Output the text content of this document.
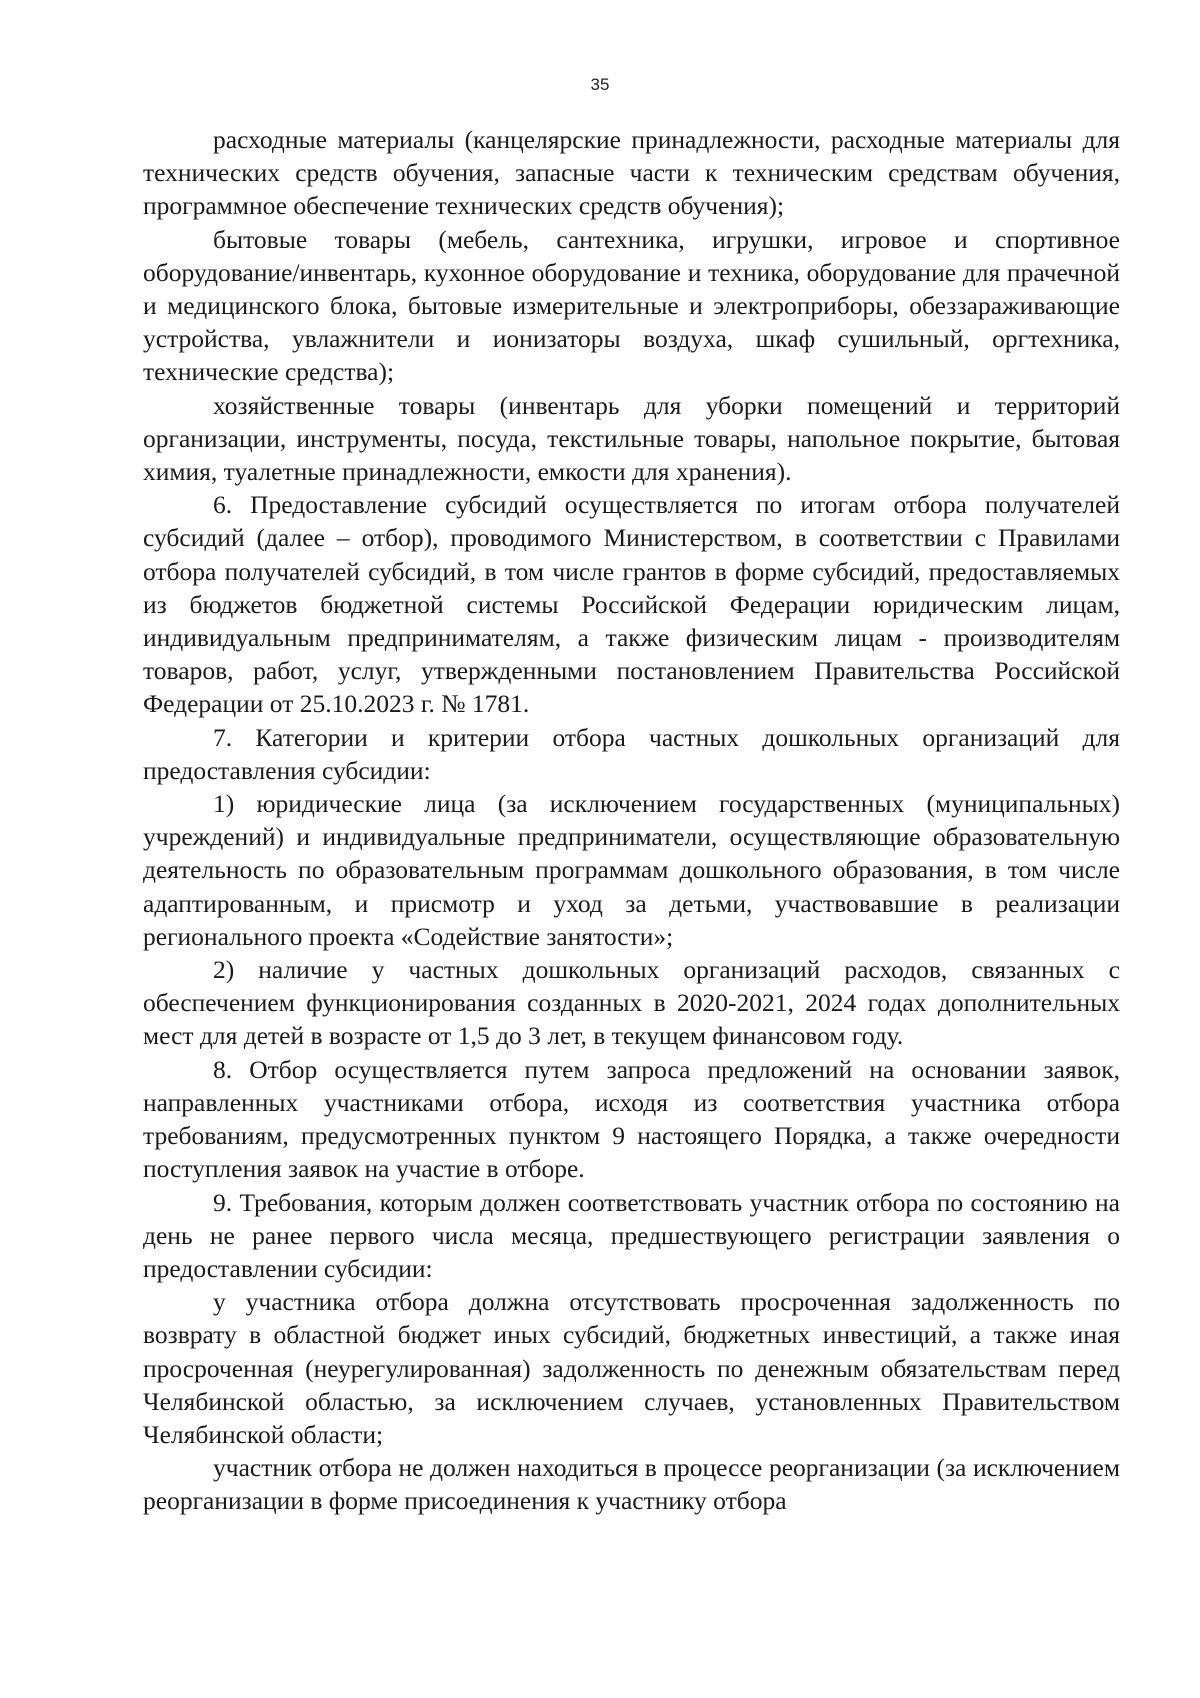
35

расходные материалы (канцелярские принадлежности, расходные материалы для технических средств обучения, запасные части к техническим средствам обучения, программное обеспечение технических средств обучения);

бытовые товары (мебель, сантехника, игрушки, игровое и спортивное оборудование/инвентарь, кухонное оборудование и техника, оборудование для прачечной и медицинского блока, бытовые измерительные и электроприборы, обеззараживающие устройства, увлажнители и ионизаторы воздуха, шкаф сушильный, оргтехника, технические средства);

хозяйственные товары (инвентарь для уборки помещений и территорий организации, инструменты, посуда, текстильные товары, напольное покрытие, бытовая химия, туалетные принадлежности, емкости для хранения).

6. Предоставление субсидий осуществляется по итогам отбора получателей субсидий (далее – отбор), проводимого Министерством, в соответствии с Правилами отбора получателей субсидий, в том числе грантов в форме субсидий, предоставляемых из бюджетов бюджетной системы Российской Федерации юридическим лицам, индивидуальным предпринимателям, а также физическим лицам - производителям товаров, работ, услуг, утвержденными постановлением Правительства Российской Федерации от 25.10.2023 г. № 1781.

7. Категории и критерии отбора частных дошкольных организаций для предоставления субсидии:

1) юридические лица (за исключением государственных (муниципальных) учреждений) и индивидуальные предприниматели, осуществляющие образовательную деятельность по образовательным программам дошкольного образования, в том числе адаптированным, и присмотр и уход за детьми, участвовавшие в реализации регионального проекта «Содействие занятости»;

2) наличие у частных дошкольных организаций расходов, связанных с обеспечением функционирования созданных в 2020-2021, 2024 годах дополнительных мест для детей в возрасте от 1,5 до 3 лет, в текущем финансовом году.

8. Отбор осуществляется путем запроса предложений на основании заявок, направленных участниками отбора, исходя из соответствия участника отбора требованиям, предусмотренных пунктом 9 настоящего Порядка, а также очередности поступления заявок на участие в отборе.

9. Требования, которым должен соответствовать участник отбора по состоянию на день не ранее первого числа месяца, предшествующего регистрации заявления о предоставлении субсидии:

у участника отбора должна отсутствовать просроченная задолженность по возврату в областной бюджет иных субсидий, бюджетных инвестиций, а также иная просроченная (неурегулированная) задолженность по денежным обязательствам перед Челябинской областью, за исключением случаев, установленных Правительством Челябинской области;

участник отбора не должен находиться в процессе реорганизации (за исключением реорганизации в форме присоединения к участнику отбора
